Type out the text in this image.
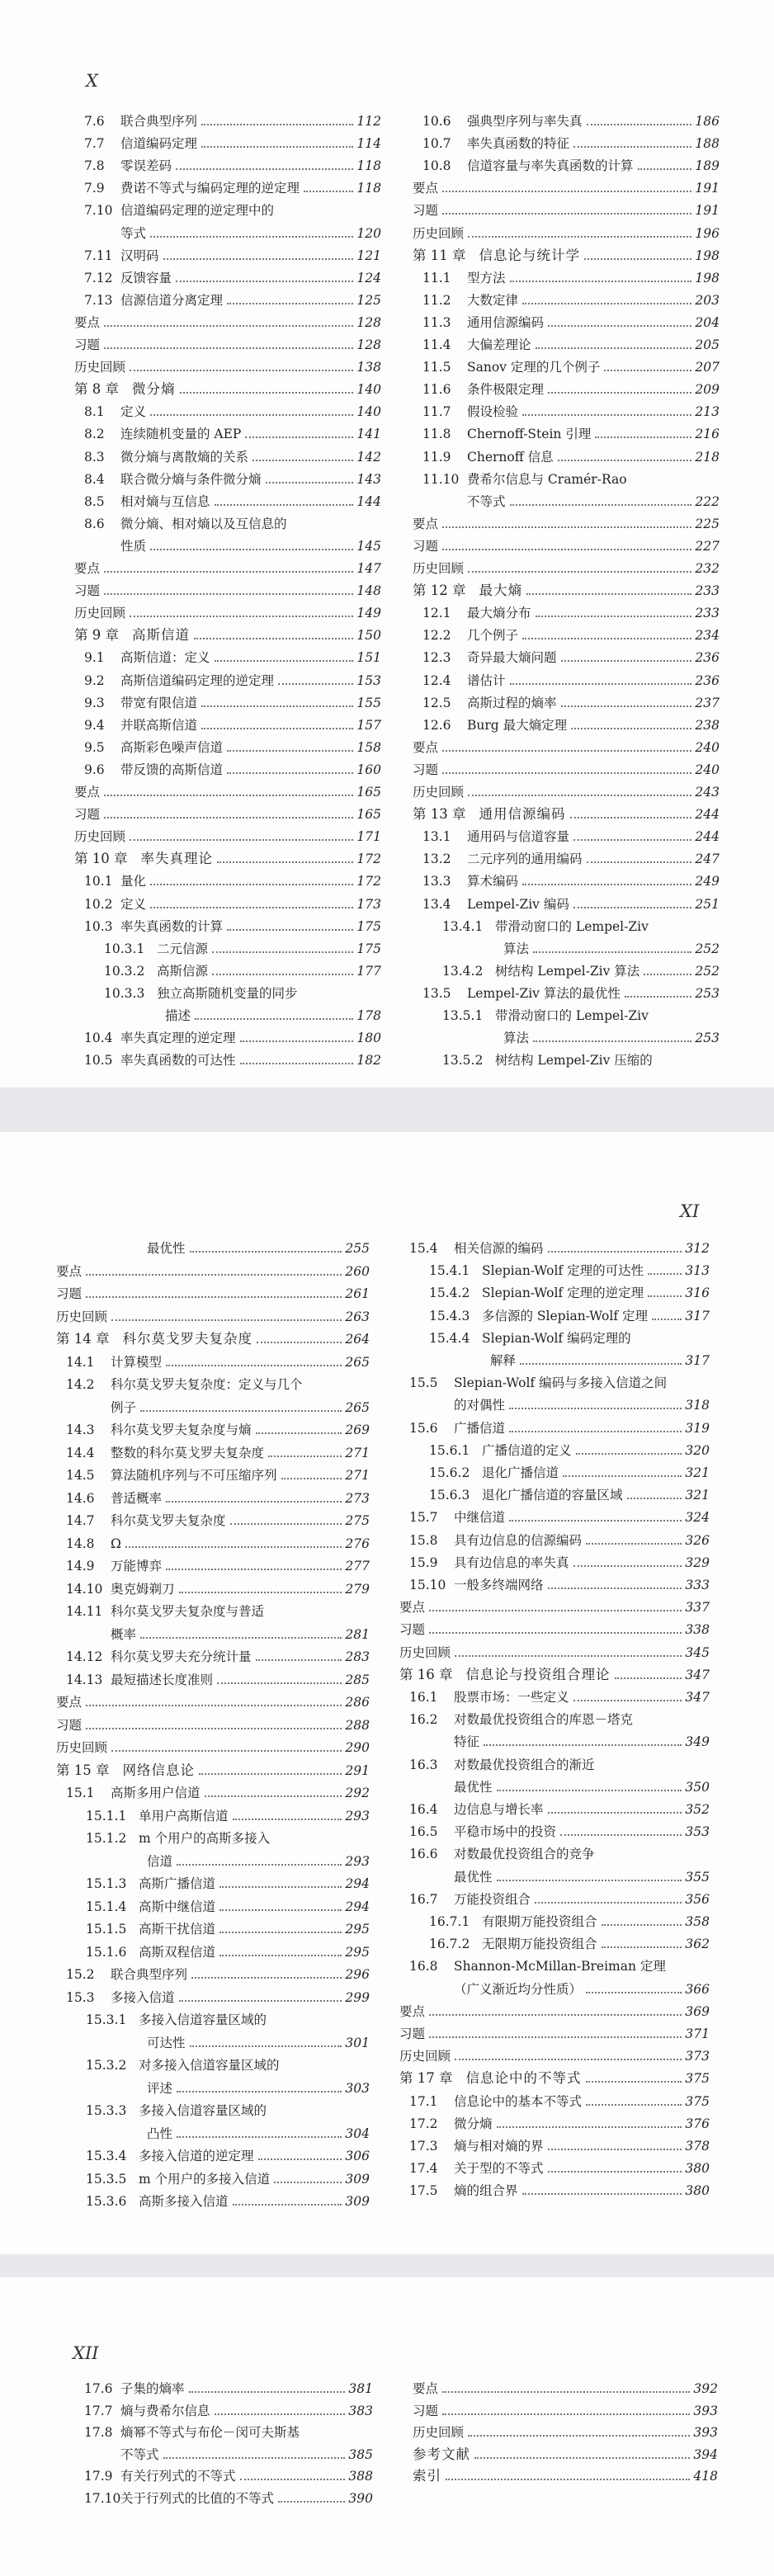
X
7.6	联合典型序列	112
7.7	信道编码定理	114
7.8	零误差码	118
7.9	费诺不等式与编码定理的逆定理	118
7.10 信道编码定理的逆定理中的
等式	120
7.11 汉明码	121
7.12 反馈容量	124
7.13 信源信道分离定理	125
要点	128
习题	128
历史回顾	138
第 8 章 微分熵	140
8.1	定义	140
8.2	连续随机变量的 AEP	141
8.3	微分熵与离散熵的关系	142
8.4	联合微分熵与条件微分熵	143
8.5	相对熵与互信息	144
8.6	微分熵、相对熵以及互信息的
性质	145
要点	147
习题	148
历史回顾	149
第 9 章 高斯信道	150
9.1	高斯信道：定义	151
9.2	高斯信道编码定理的逆定理	153
9.3	带宽有限信道	155
9.4	并联高斯信道	157
9.5	高斯彩色噪声信道	158
9.6	带反馈的高斯信道	160
要点	165
习题	165
历史回顾	171
第 10 章 率失真理论	172
10.1 量化	172
10.2 定义	173
10.3 率失真函数的计算	175
10.3.1 二元信源	175
10.3.2 高斯信源	177
10.3.3 独立高斯随机变量的同步
描述	178
10.4 率失真定理的逆定理	180
10.5 率失真函数的可达性	182
10.6	强典型序列与率失真	186
10.7	率失真函数的特征	188
10.8	信道容量与率失真函数的计算	189
要点	191
习题	191
历史回顾	196
第 11 章 信息论与统计学	198
11.1	型方法	198
11.2	大数定律	203
11.3	通用信源编码	204
11.4	大偏差理论	205
11.5	Sanov 定理的几个例子	207
11.6	条件极限定理	209
11.7	假设检验	213
11.8	Chernoff-Stein 引理	216
11.9	Chernoff 信息	218
11.10 费希尔信息与 Cramér-Rao
不等式	222
要点	225
习题	227
历史回顾	232
第 12 章 最大熵	233
12.1	最大熵分布	233
12.2	几个例子	234
12.3	奇异最大熵问题	236
12.4	谱估计	236
12.5	高斯过程的熵率	237
12.6	Burg 最大熵定理	238
要点	240
习题	240
历史回顾	243
第 13 章 通用信源编码	244
13.1	通用码与信道容量	244
13.2	二元序列的通用编码	247
13.3	算术编码	249
13.4	Lempel-Ziv 编码	251
13.4.1 带滑动窗口的 Lempel-Ziv
算法	252
13.4.2 树结构 Lempel-Ziv 算法	252
13.5	Lempel-Ziv 算法的最优性	253
13.5.1 带滑动窗口的 Lempel-Ziv
算法	253
13.5.2 树结构 Lempel-Ziv 压缩的
XI
最优性	255
要点	260
习题	261
历史回顾	263
第 14 章 科尔莫戈罗夫复杂度	264
14.1	计算模型	265
14.2	科尔莫戈罗夫复杂度：定义与几个
例子	265
14.3	科尔莫戈罗夫复杂度与熵	269
14.4	整数的科尔莫戈罗夫复杂度	271
14.5	算法随机序列与不可压缩序列	271
14.6	普适概率	273
14.7	科尔莫戈罗夫复杂度	275
14.8	Ω	276
14.9	万能博弈	277
14.10 奥克姆剃刀	279
14.11 科尔莫戈罗夫复杂度与普适
概率	281
14.12 科尔莫戈罗夫充分统计量	283
14.13 最短描述长度准则	285
要点	286
习题	288
历史回顾	290
第 15 章 网络信息论	291
15.1	高斯多用户信道	292
15.1.1 单用户高斯信道	293
15.1.2 m 个用户的高斯多接入
信道	293
15.1.3 高斯广播信道	294
15.1.4 高斯中继信道	294
15.1.5 高斯干扰信道	295
15.1.6 高斯双程信道	295
15.2	联合典型序列	296
15.3	多接入信道	299
15.3.1 多接入信道容量区域的
可达性	301
15.3.2 对多接入信道容量区域的
评述	303
15.3.3 多接入信道容量区域的
凸性	304
15.3.4 多接入信道的逆定理	306
15.3.5 m 个用户的多接入信道	309
15.3.6 高斯多接入信道	309
15.4	相关信源的编码	312
15.4.1 Slepian-Wolf 定理的可达性	313
15.4.2 Slepian-Wolf 定理的逆定理	316
15.4.3 多信源的 Slepian-Wolf 定理	317
15.4.4 Slepian-Wolf 编码定理的
解释	317
15.5	Slepian-Wolf 编码与多接入信道之间
的对偶性	318
15.6	广播信道	319
15.6.1 广播信道的定义	320
15.6.2 退化广播信道	321
15.6.3 退化广播信道的容量区域	321
15.7	中继信道	324
15.8	具有边信息的信源编码	326
15.9	具有边信息的率失真	329
15.10 一般多终端网络	333
要点	337
习题	338
历史回顾	345
第 16 章 信息论与投资组合理论	347
16.1	股票市场：一些定义	347
16.2	对数最优投资组合的库恩－塔克
特征	349
16.3	对数最优投资组合的渐近
最优性	350
16.4	边信息与增长率	352
16.5	平稳市场中的投资	353
16.6	对数最优投资组合的竞争
最优性	355
16.7	万能投资组合	356
16.7.1 有限期万能投资组合	358
16.7.2 无限期万能投资组合	362
16.8	Shannon-McMillan-Breiman 定理
（广义渐近均分性质）	366
要点	369
习题	371
历史回顾	373
第 17 章 信息论中的不等式	375
17.1	信息论中的基本不等式	375
17.2	微分熵	376
17.3	熵与相对熵的界	378
17.4	关于型的不等式	380
17.5	熵的组合界	380
XII
17.6 子集的熵率	381
17.7 熵与费希尔信息	383
17.8 熵幂不等式与布伦－闵可夫斯基
不等式	385
17.9 有关行列式的不等式	388
17.10 关于行列式的比值的不等式	390
要点	392
习题	393
历史回顾	393
参考文献	394
索引	418
